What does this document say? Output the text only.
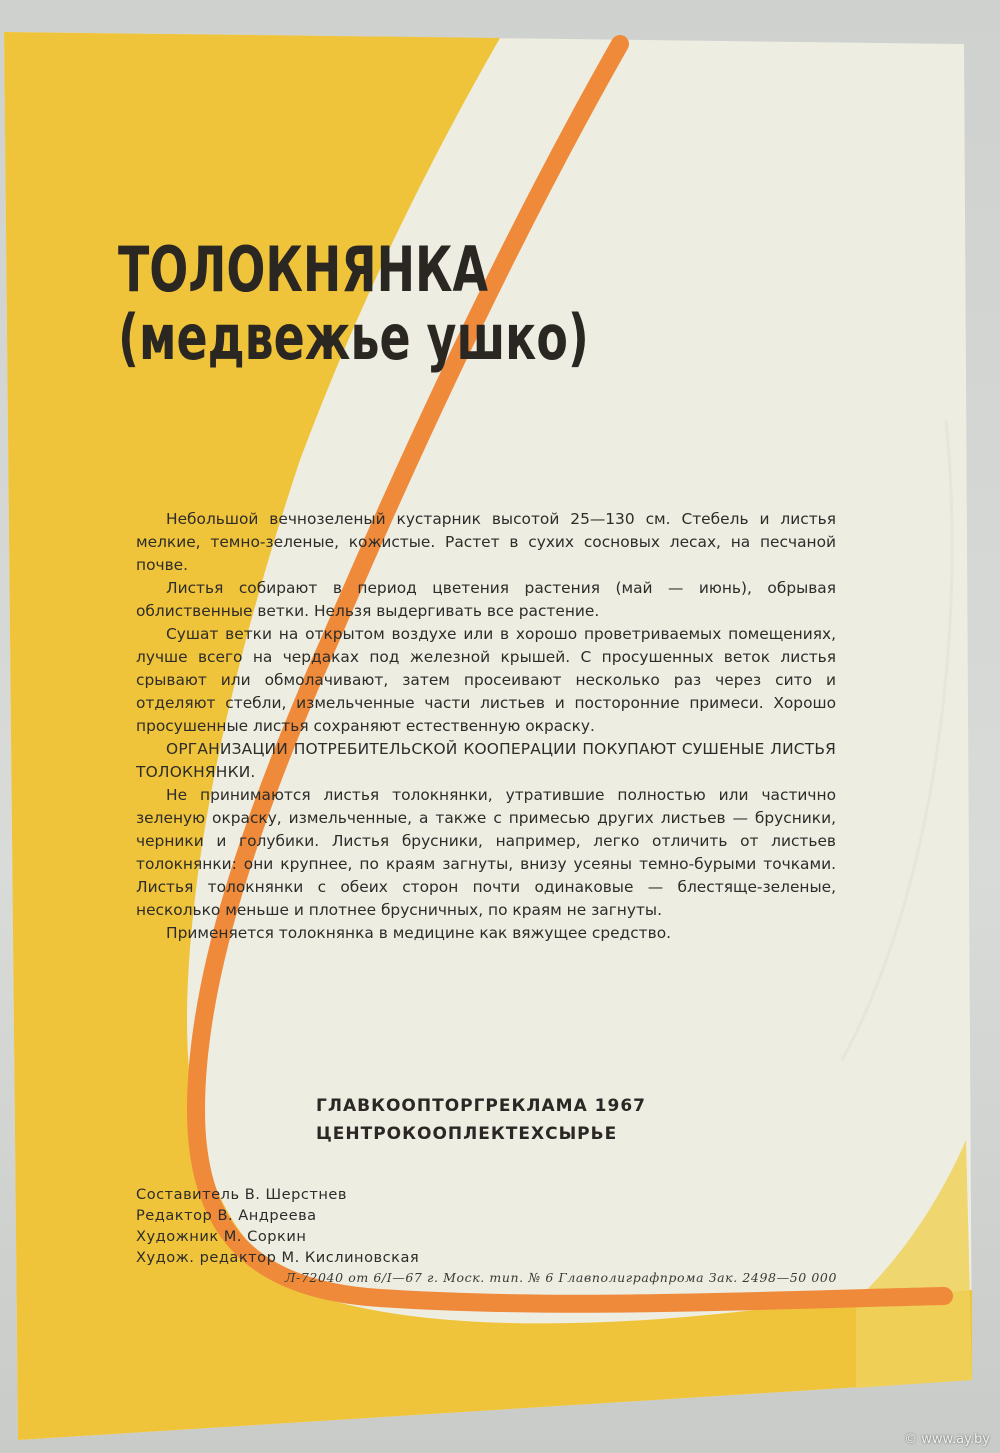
ТОЛОКНЯНКА
(медвежье ушко)

Небольшой вечнозеленый кустарник высотой 25—130 см. Стебель и листья мелкие, темно-зеленые, кожистые. Растет в сухих сосновых лесах, на песчаной почве.

Листья собирают в период цветения растения (май — июнь), обрывая облиственные ветки. Нельзя выдергивать все растение.

Сушат ветки на открытом воздухе или в хорошо проветриваемых помещениях, лучше всего на чердаках под железной крышей. С просушенных веток листья срывают или обмолачивают, затем просеивают несколько раз через сито и отделяют стебли, измельченные части листьев и посторонние примеси. Хорошо просушенные листья сохраняют естественную окраску.

ОРГАНИЗАЦИИ ПОТРЕБИТЕЛЬСКОЙ КООПЕРАЦИИ ПОКУПАЮТ СУШЕНЫЕ ЛИСТЬЯ ТОЛОКНЯНКИ.

Не принимаются листья толокнянки, утратившие полностью или частично зеленую окраску, измельченные, а также с примесью других листьев — брусники, черники и голубики. Листья брусники, например, легко отличить от листьев толокнянки: они крупнее, по краям загнуты, внизу усеяны темно-бурыми точками. Листья толокнянки с обеих сторон почти одинаковые — блестяще-зеленые, несколько меньше и плотнее брусничных, по краям не загнуты.

Применяется толокнянка в медицине как вяжущее средство.

ГЛАВКООПТОРГРЕКЛАМА 1967
ЦЕНТРОКООПЛЕКТЕХСЫРЬЕ
Составитель В. Шерстнев
Редактор В. Андреева
Художник М. Соркин
Худож. редактор М. Кислиновская
Л-72040 от 6/I—67 г. Моск. тип. № 6 Главполиграфпрома Зак. 2498—50 000
© www.ay.by
